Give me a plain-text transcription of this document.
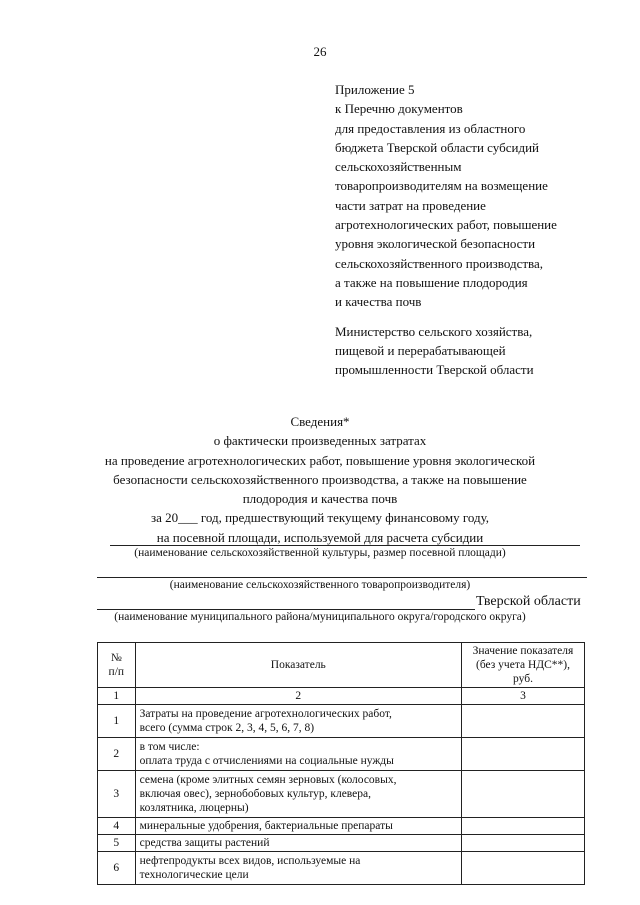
26
Приложение 5
к Перечню документов
для предоставления из областного
бюджета Тверской области субсидий
сельскохозяйственным
товаропроизводителям на возмещение
части затрат на проведение
агротехнологических работ, повышение
уровня экологической безопасности
сельскохозяйственного производства,
а также на повышение плодородия
и качества почв
Министерство сельского хозяйства,
пищевой и перерабатывающей
промышленности Тверской области
Сведения*
о фактически произведенных затратах
на проведение агротехнологических работ, повышение уровня экологической
безопасности сельскохозяйственного производства, а также на повышение
плодородия и качества почв
за 20___ год, предшествующий текущему финансовому году,
на посевной площади, используемой для расчета субсидии
(наименование сельскохозяйственной культуры, размер посевной площади)
(наименование сельскохозяйственного товаропроизводителя)
Тверской области
(наименование муниципального района/муниципального округа/городского округа)
№
п/п	Показатель	Значение показателя
(без учета НДС**),
руб.
1	2	3
1	Затраты на проведение агротехнологических работ,
всего (сумма строк 2, 3, 4, 5, 6, 7, 8)	
2	в том числе:
оплата труда с отчислениями на социальные нужды	
3	семена (кроме элитных семян зерновых (колосовых,
включая овес), зернобобовых культур, клевера,
козлятника, люцерны)	
4	минеральные удобрения, бактериальные препараты	
5	средства защиты растений	
6	нефтепродукты всех видов, используемые на
технологические цели	
